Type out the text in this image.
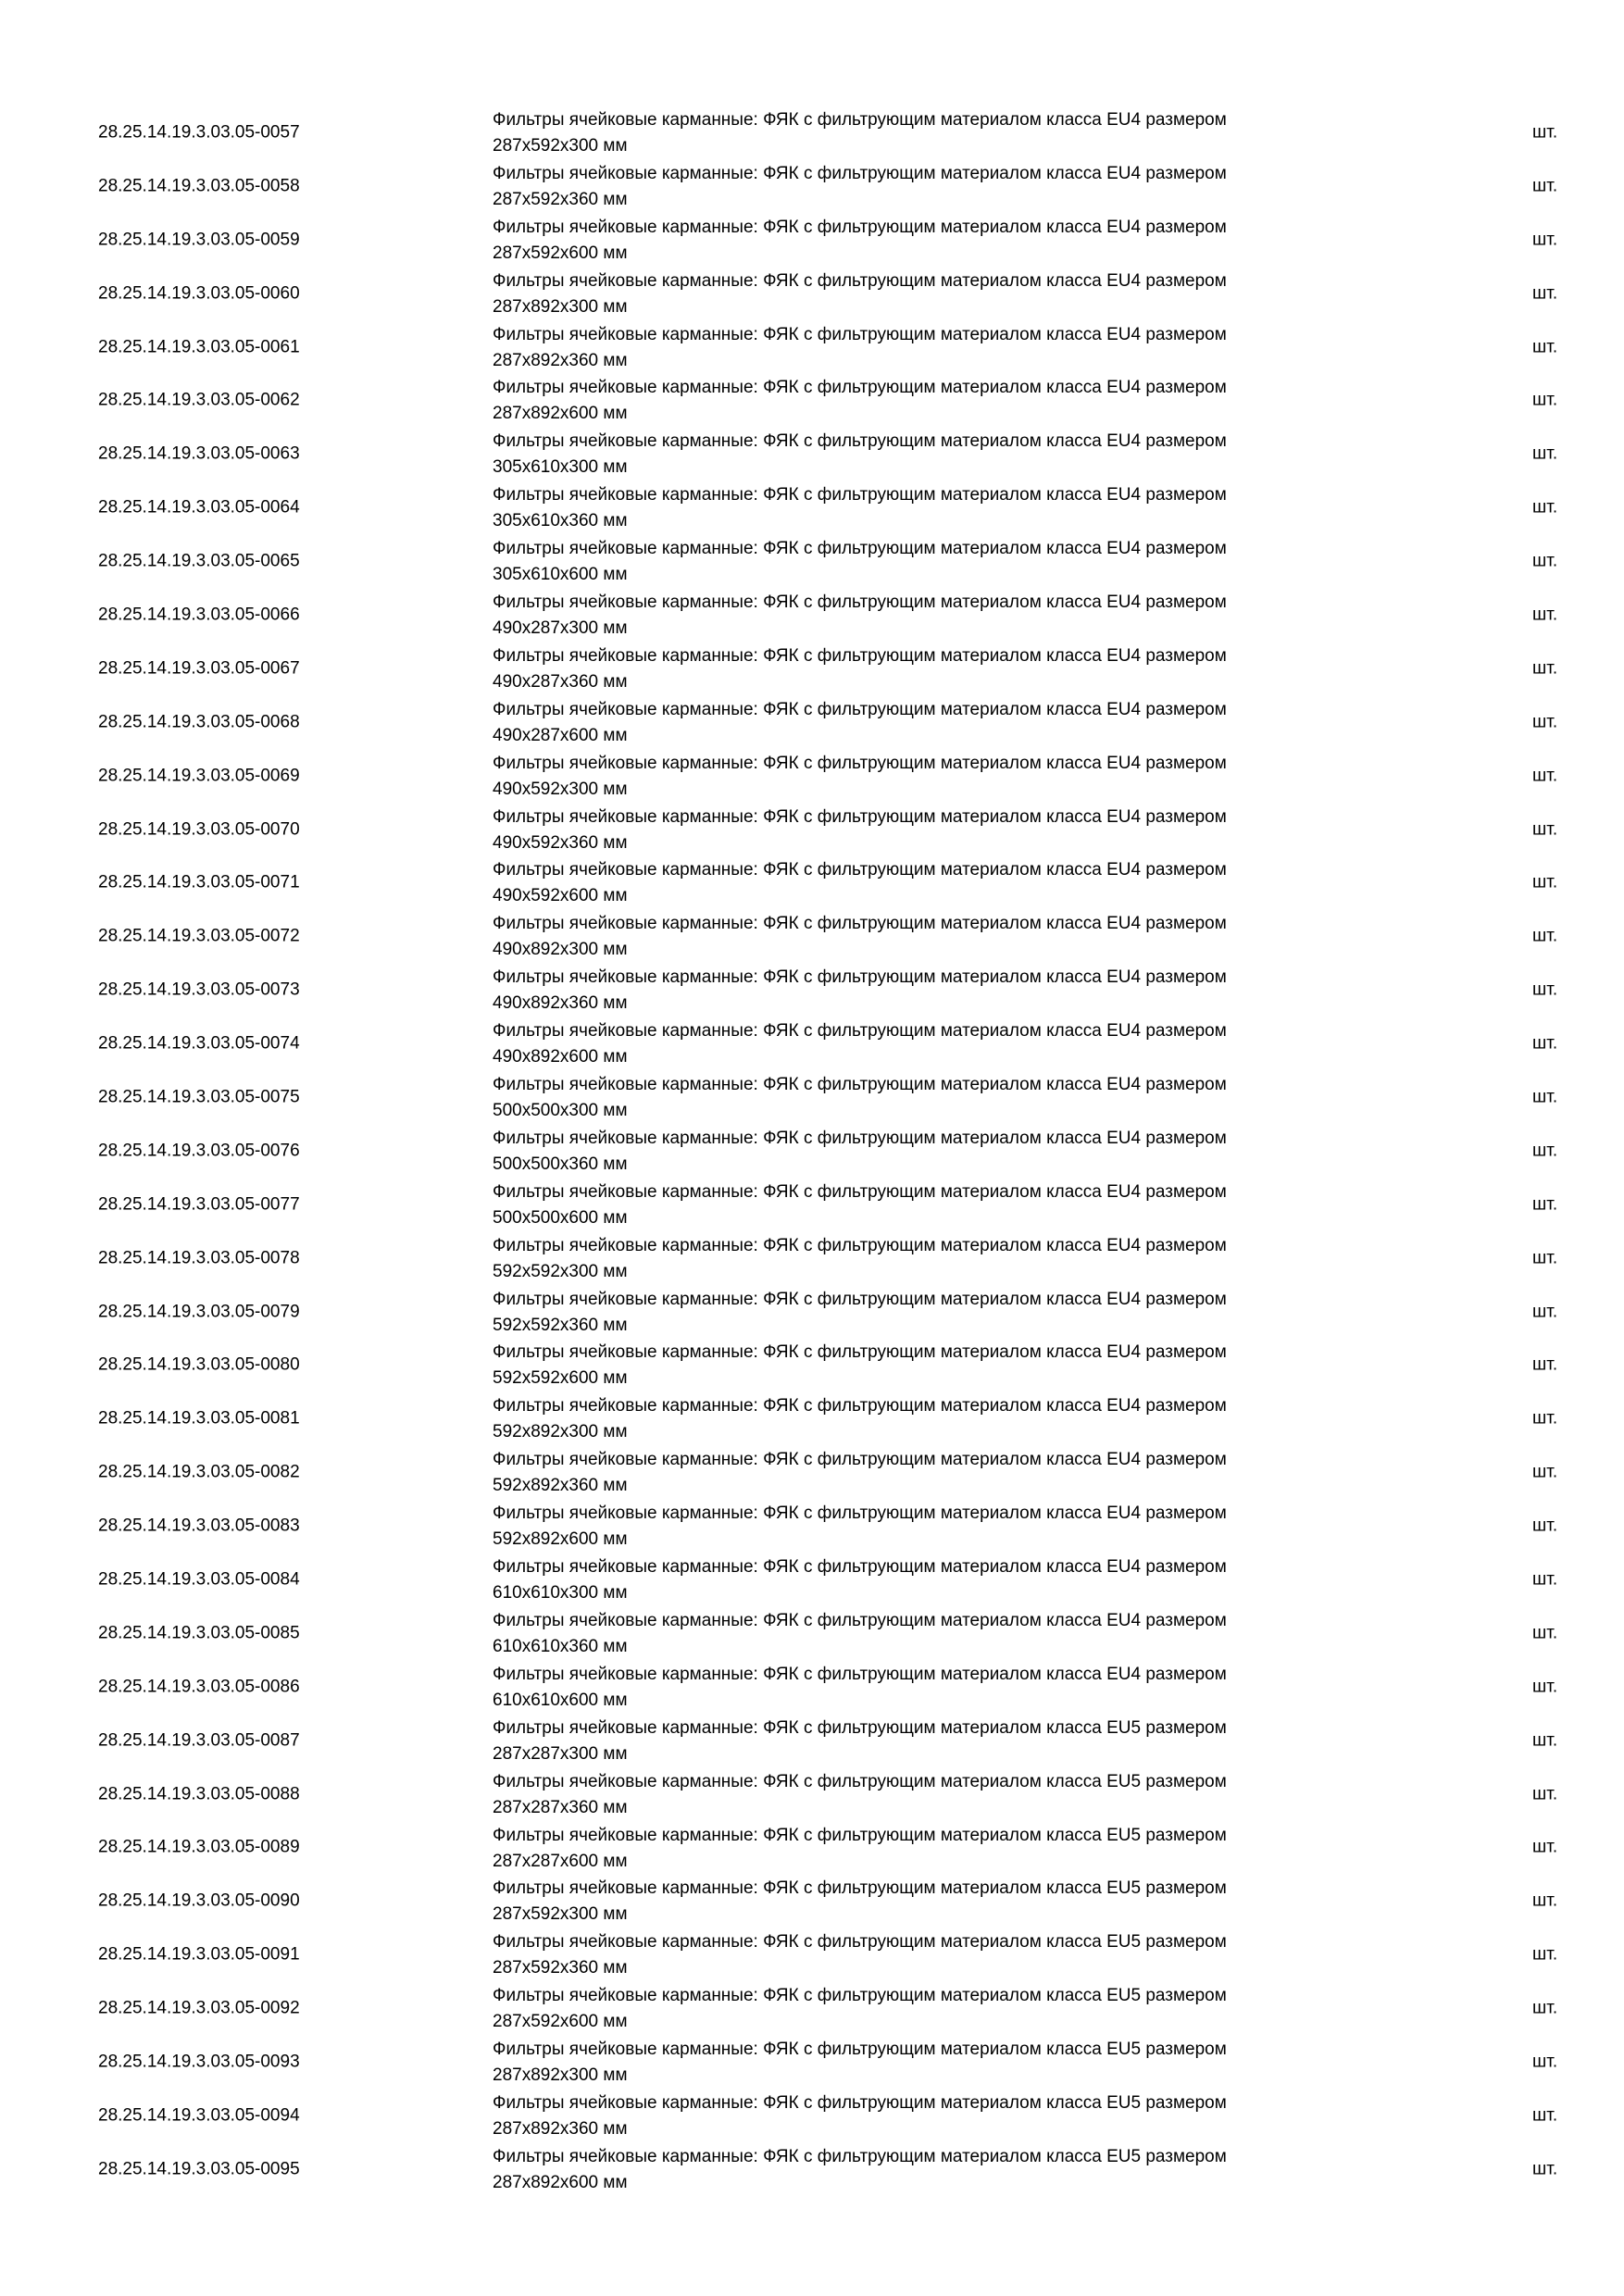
28.25.14.19.3.03.05-0057
Фильтры ячейковые карманные: ФЯК с фильтрующим материалом класса EU4 размером
287x592x300 мм
шт.
28.25.14.19.3.03.05-0058
Фильтры ячейковые карманные: ФЯК с фильтрующим материалом класса EU4 размером
287x592x360 мм
шт.
28.25.14.19.3.03.05-0059
Фильтры ячейковые карманные: ФЯК с фильтрующим материалом класса EU4 размером
287x592x600 мм
шт.
28.25.14.19.3.03.05-0060
Фильтры ячейковые карманные: ФЯК с фильтрующим материалом класса EU4 размером
287x892x300 мм
шт.
28.25.14.19.3.03.05-0061
Фильтры ячейковые карманные: ФЯК с фильтрующим материалом класса EU4 размером
287x892x360 мм
шт.
28.25.14.19.3.03.05-0062
Фильтры ячейковые карманные: ФЯК с фильтрующим материалом класса EU4 размером
287x892x600 мм
шт.
28.25.14.19.3.03.05-0063
Фильтры ячейковые карманные: ФЯК с фильтрующим материалом класса EU4 размером
305x610x300 мм
шт.
28.25.14.19.3.03.05-0064
Фильтры ячейковые карманные: ФЯК с фильтрующим материалом класса EU4 размером
305x610x360 мм
шт.
28.25.14.19.3.03.05-0065
Фильтры ячейковые карманные: ФЯК с фильтрующим материалом класса EU4 размером
305x610x600 мм
шт.
28.25.14.19.3.03.05-0066
Фильтры ячейковые карманные: ФЯК с фильтрующим материалом класса EU4 размером
490x287x300 мм
шт.
28.25.14.19.3.03.05-0067
Фильтры ячейковые карманные: ФЯК с фильтрующим материалом класса EU4 размером
490x287x360 мм
шт.
28.25.14.19.3.03.05-0068
Фильтры ячейковые карманные: ФЯК с фильтрующим материалом класса EU4 размером
490x287x600 мм
шт.
28.25.14.19.3.03.05-0069
Фильтры ячейковые карманные: ФЯК с фильтрующим материалом класса EU4 размером
490x592x300 мм
шт.
28.25.14.19.3.03.05-0070
Фильтры ячейковые карманные: ФЯК с фильтрующим материалом класса EU4 размером
490x592x360 мм
шт.
28.25.14.19.3.03.05-0071
Фильтры ячейковые карманные: ФЯК с фильтрующим материалом класса EU4 размером
490x592x600 мм
шт.
28.25.14.19.3.03.05-0072
Фильтры ячейковые карманные: ФЯК с фильтрующим материалом класса EU4 размером
490x892x300 мм
шт.
28.25.14.19.3.03.05-0073
Фильтры ячейковые карманные: ФЯК с фильтрующим материалом класса EU4 размером
490x892x360 мм
шт.
28.25.14.19.3.03.05-0074
Фильтры ячейковые карманные: ФЯК с фильтрующим материалом класса EU4 размером
490x892x600 мм
шт.
28.25.14.19.3.03.05-0075
Фильтры ячейковые карманные: ФЯК с фильтрующим материалом класса EU4 размером
500x500x300 мм
шт.
28.25.14.19.3.03.05-0076
Фильтры ячейковые карманные: ФЯК с фильтрующим материалом класса EU4 размером
500x500x360 мм
шт.
28.25.14.19.3.03.05-0077
Фильтры ячейковые карманные: ФЯК с фильтрующим материалом класса EU4 размером
500x500x600 мм
шт.
28.25.14.19.3.03.05-0078
Фильтры ячейковые карманные: ФЯК с фильтрующим материалом класса EU4 размером
592x592x300 мм
шт.
28.25.14.19.3.03.05-0079
Фильтры ячейковые карманные: ФЯК с фильтрующим материалом класса EU4 размером
592x592x360 мм
шт.
28.25.14.19.3.03.05-0080
Фильтры ячейковые карманные: ФЯК с фильтрующим материалом класса EU4 размером
592x592x600 мм
шт.
28.25.14.19.3.03.05-0081
Фильтры ячейковые карманные: ФЯК с фильтрующим материалом класса EU4 размером
592x892x300 мм
шт.
28.25.14.19.3.03.05-0082
Фильтры ячейковые карманные: ФЯК с фильтрующим материалом класса EU4 размером
592x892x360 мм
шт.
28.25.14.19.3.03.05-0083
Фильтры ячейковые карманные: ФЯК с фильтрующим материалом класса EU4 размером
592x892x600 мм
шт.
28.25.14.19.3.03.05-0084
Фильтры ячейковые карманные: ФЯК с фильтрующим материалом класса EU4 размером
610x610x300 мм
шт.
28.25.14.19.3.03.05-0085
Фильтры ячейковые карманные: ФЯК с фильтрующим материалом класса EU4 размером
610x610x360 мм
шт.
28.25.14.19.3.03.05-0086
Фильтры ячейковые карманные: ФЯК с фильтрующим материалом класса EU4 размером
610x610x600 мм
шт.
28.25.14.19.3.03.05-0087
Фильтры ячейковые карманные: ФЯК с фильтрующим материалом класса EU5 размером
287x287x300 мм
шт.
28.25.14.19.3.03.05-0088
Фильтры ячейковые карманные: ФЯК с фильтрующим материалом класса EU5 размером
287x287x360 мм
шт.
28.25.14.19.3.03.05-0089
Фильтры ячейковые карманные: ФЯК с фильтрующим материалом класса EU5 размером
287x287x600 мм
шт.
28.25.14.19.3.03.05-0090
Фильтры ячейковые карманные: ФЯК с фильтрующим материалом класса EU5 размером
287x592x300 мм
шт.
28.25.14.19.3.03.05-0091
Фильтры ячейковые карманные: ФЯК с фильтрующим материалом класса EU5 размером
287x592x360 мм
шт.
28.25.14.19.3.03.05-0092
Фильтры ячейковые карманные: ФЯК с фильтрующим материалом класса EU5 размером
287x592x600 мм
шт.
28.25.14.19.3.03.05-0093
Фильтры ячейковые карманные: ФЯК с фильтрующим материалом класса EU5 размером
287x892x300 мм
шт.
28.25.14.19.3.03.05-0094
Фильтры ячейковые карманные: ФЯК с фильтрующим материалом класса EU5 размером
287x892x360 мм
шт.
28.25.14.19.3.03.05-0095
Фильтры ячейковые карманные: ФЯК с фильтрующим материалом класса EU5 размером
287x892x600 мм
шт.
